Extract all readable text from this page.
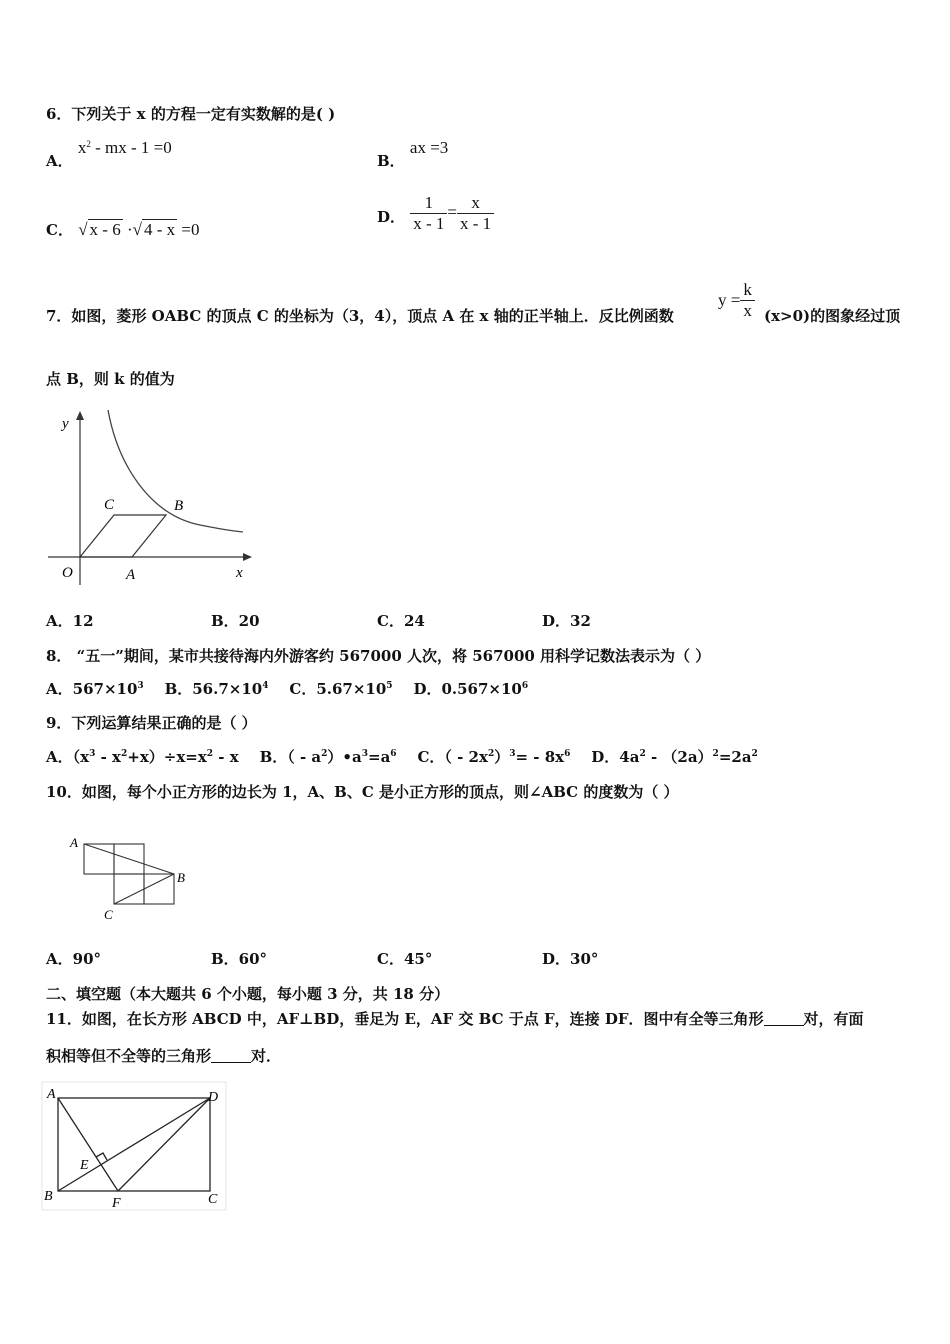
6．下列关于 x 的方程一定有实数解的是( )
A． $x^2$ - mx - 1 =0
B． ax =3
C． √ x - 6 ·√ 4 - x =0
D． $\frac{1}{x - 1} = \frac{x}{x - 1}$
7．如图，菱形 OABC 的顶点 C 的坐标为（3，4），顶点 A 在 x 轴的正半轴上．反比例函数
$y = \frac{k}{x} (x>0)$的图象经过顶
点 B，则 k 的值为
y
x
O	A
B
C
A．12	B．20	C．24	D．32
8． “五一”期间，某市共接待海内外游客约 567000 人次，将 567000 用科学记数法表示为（ ）
A．$567\times 10^3$ B．$56.7\times 10^4$ C．$5.67\times 10^5$ D．$0.567\times 10^6$
9．下列运算结果正确的是（ ）
A．$(x^3 - x^2+x)\div x=x^2 - x$ B．（ - $a^2)•a^3=a^6$ C．（ - $2x^2)^3= - 8x^6$ D．$4a^2 - (2a)^2=2a^2$
10．如图，每个小正方形的边长为 1，A、B、C 是小正方形的顶点，则∠ABC 的度数为（ ）
A
B
C
A．90°	B．60°	C．45°	D．30°
二、填空题（本大题共 6 个小题，每小题 3 分，共 18 分）
11．如图，在长方形 ABCD 中，AF⊥BD，垂足为 E，AF 交 BC 于点 F，连接 DF．图中有全等三角形	对，有面
积相等但不全等的三角形	对．
A	D
B	C
F
E
